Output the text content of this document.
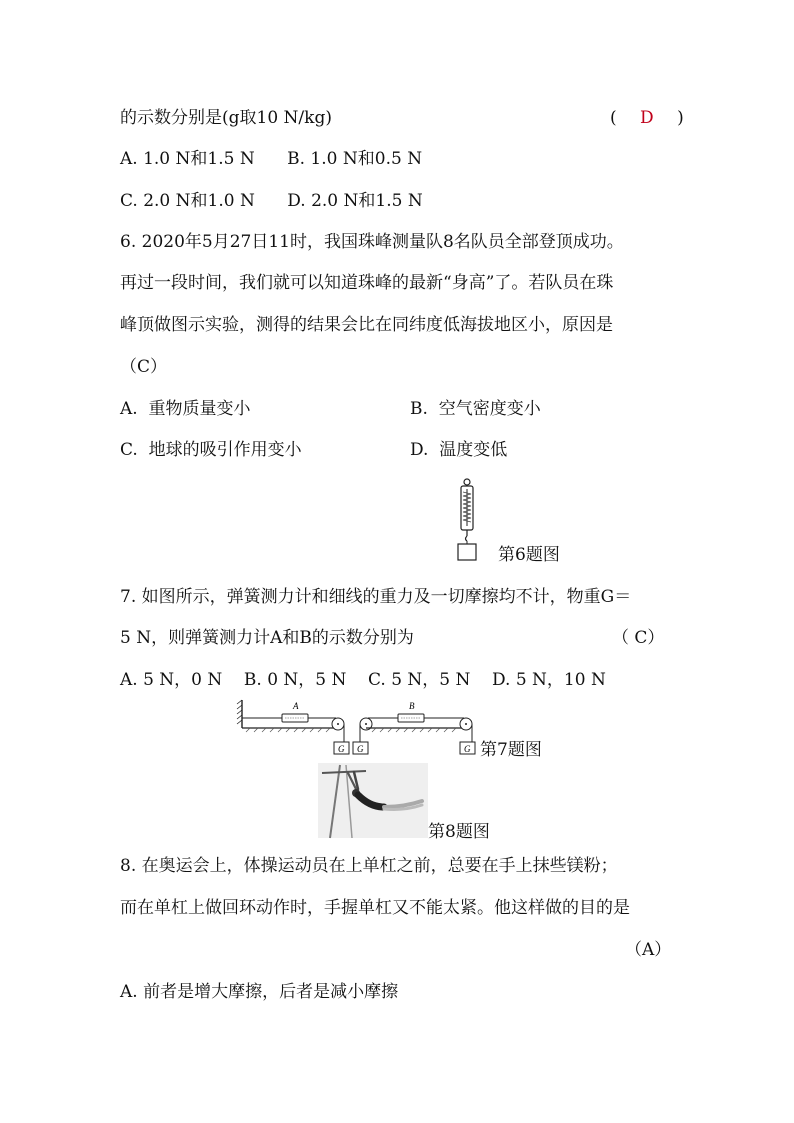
的示数分别是(g取10 N/kg)	( D )
A. 1.0 N和1.5 N      B. 1.0 N和0.5 N
C. 2.0 N和1.0 N      D. 2.0 N和1.5 N
6. 2020年5月27日11时，我国珠峰测量队8名队员全部登顶成功。
再过一段时间，我们就可以知道珠峰的最新“身高”了。若队员在珠
峰顶做图示实验，测得的结果会比在同纬度低海拔地区小，原因是
（C）
A.  重物质量变小	B.  空气密度变小
C.  地球的吸引作用变小	D.  温度变低
第6题图
7. 如图所示，弹簧测力计和细线的重力及一切摩擦均不计，物重G＝
5 N，则弹簧测力计A和B的示数分别为	（ C）
A. 5 N，0 N    B. 0 N，5 N    C. 5 N，5 N    D. 5 N，10 N
A
G G
B
G 第7题图
第8题图
8. 在奥运会上，体操运动员在上单杠之前，总要在手上抹些镁粉；
而在单杠上做回环动作时，手握单杠又不能太紧。他这样做的目的是
（A）
A. 前者是增大摩擦，后者是减小摩擦
